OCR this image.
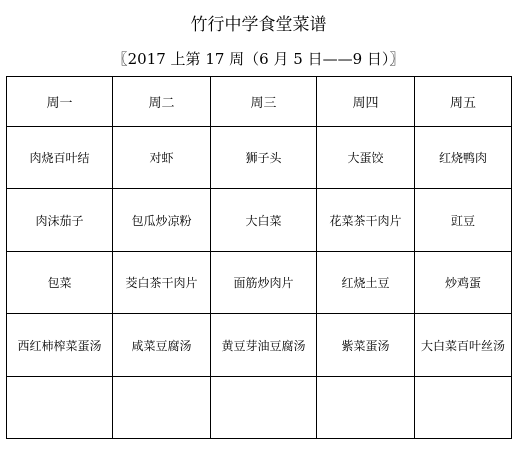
竹行中学食堂菜谱
〖2017 上第 17 周（6 月 5 日——9 日）〗
周一	周二	周三	周四	周五
肉烧百叶结	对虾	狮子头	大蛋饺	红烧鸭肉
肉沫茄子	包瓜炒凉粉	大白菜	花菜茶干肉片	豇豆
包菜	茭白茶干肉片	面筋炒肉片	红烧土豆	炒鸡蛋
西红柿榨菜蛋汤	咸菜豆腐汤	黄豆芽油豆腐汤	紫菜蛋汤	大白菜百叶丝汤
